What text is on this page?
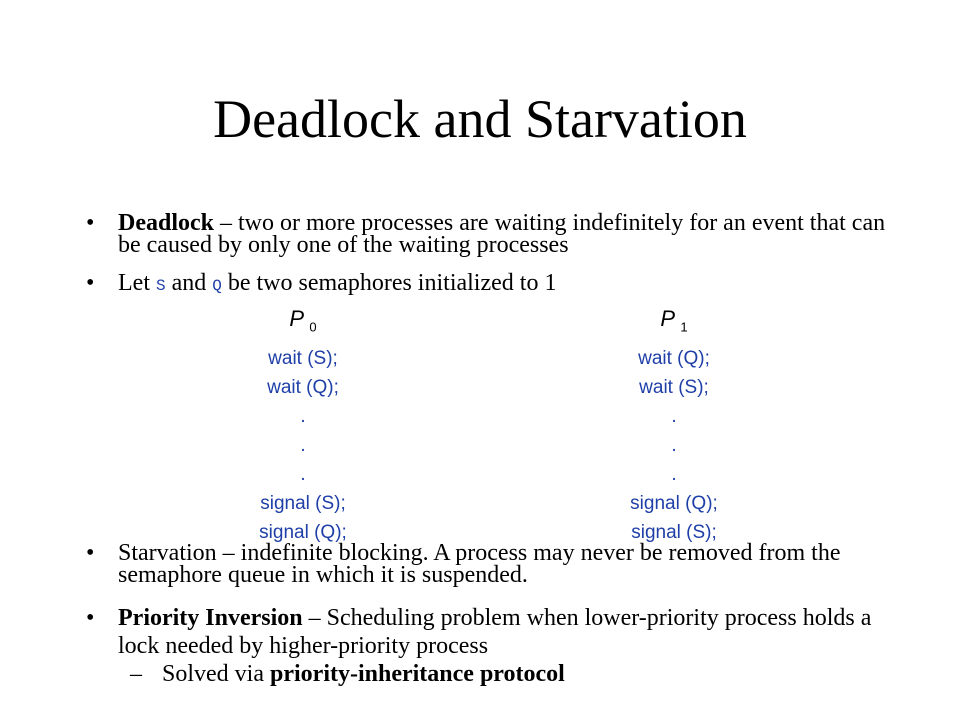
Deadlock and Starvation
• Deadlock – two or more processes are waiting indefinitely for an event that can be caused by only one of the waiting processes
• Let S and Q be two semaphores initialized to 1
P $_0$
wait (S);
wait (Q);
.
.
.
signal (S);
signal (Q);
P $_1$
wait (Q);
wait (S);
.
.
.
signal (Q);
signal (S);
• Starvation – indefinite blocking. A process may never be removed from the semaphore queue in which it is suspended.
• Priority Inversion – Scheduling problem when lower-priority process holds a lock needed by higher-priority process
– Solved via priority-inheritance protocol
